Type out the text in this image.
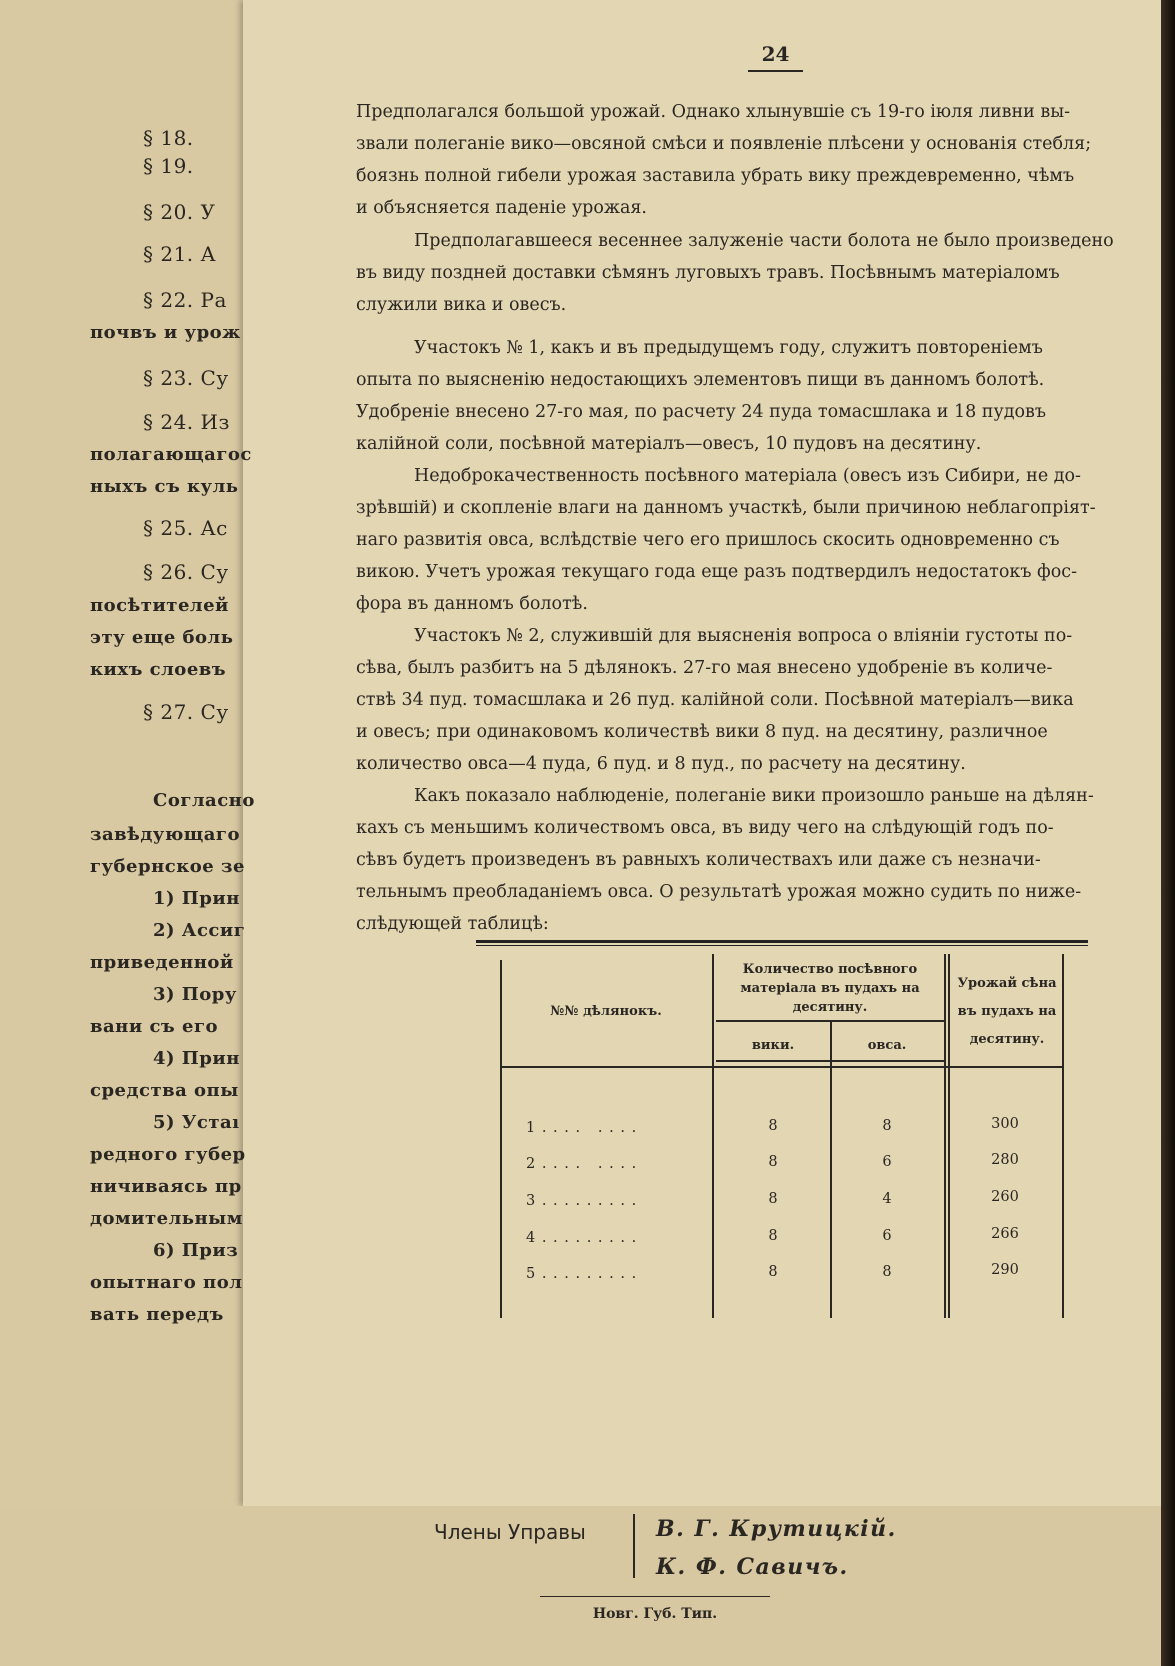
§ 18.
§ 19.
§ 20. У
§ 21. А
§ 22. Ра
почвъ и урож
§ 23. Су
§ 24. Из
полагающагос
ныхъ съ куль
§ 25. Ас
§ 26. Су
посѣтителей
эту еще боль
кихъ слоевъ
§ 27. Су
Согласно
завѣдующаго
губернское зе
1) Прин
2) Ассиг
приведенной
3) Пору
вани съ его
4) Прин
средства опы
5) Устаı
редного губер
ничиваясь пр
домительным
6) Приз
опытнаго пол
вать передъ
24

Предполагался большой урожай. Однако хлынувшіе съ 19-го іюля ливни вы-

звали полеганіе вико—овсяной смѣси и появленіе плѣсени у основанія стебля;

боязнь полной гибели урожая заставила убрать вику преждевременно, чѣмъ

и объясняется паденіе урожая.

Предполагавшееся весеннее залуженіе части болота не было произведено

въ виду поздней доставки сѣмянъ луговыхъ травъ. Посѣвнымъ матеріаломъ

служили вика и овесъ.

Участокъ № 1, какъ и въ предыдущемъ году, служитъ повтореніемъ

опыта по выясненію недостающихъ элементовъ пищи въ данномъ болотѣ.

Удобреніе внесено 27-го мая, по расчету 24 пуда томасшлака и 18 пудовъ

калійной соли, посѣвной матеріалъ—овесъ, 10 пудовъ на десятину.

Недоброкачественность посѣвного матеріала (овесъ изъ Сибири, не до-

зрѣвшій) и скопленіе влаги на данномъ участкѣ, были причиною неблагопріят-

наго развитія овса, вслѣдствіе чего его пришлось скосить одновременно съ

викою. Учетъ урожая текущаго года еще разъ подтвердилъ недостатокъ фос-

фора въ данномъ болотѣ.

Участокъ № 2, служившій для выясненія вопроса о вліяніи густоты по-

сѣва, былъ разбитъ на 5 дѣлянокъ. 27-го мая внесено удобреніе въ количе-

ствѣ 34 пуд. томасшлака и 26 пуд. калійной соли. Посѣвной матеріалъ—вика

и овесъ; при одинаковомъ количествѣ вики 8 пуд. на десятину, различное

количество овса—4 пуда, 6 пуд. и 8 пуд., по расчету на десятину.

Какъ показало наблюденіе, полеганіе вики произошло раньше на дѣлян-

кахъ съ меньшимъ количествомъ овса, въ виду чего на слѣдующій годъ по-

сѣвъ будетъ произведенъ въ равныхъ количествахъ или даже съ незначи-

тельнымъ преобладаніемъ овса. О результатѣ урожая можно судить по ниже-

слѣдующей таблицѣ:

№№ дѣлянокъ.
Количество посѣвного матеріала въ пудахъ на десятину.
вики.	овса.
Урожай сѣна въ пудахъ на десятину.
1 . . . .   . . . .	8	8	300
2 . . . .   . . . .	8	6	280
3 . . . . . . . . .	8	4	260
4 . . . . . . . . .	8	6	266
5 . . . . . . . . .	8	8	290
Члены Управы	В. Г. Крутицкій.
К. Ф. Савичъ.
Новг. Губ. Тип.
